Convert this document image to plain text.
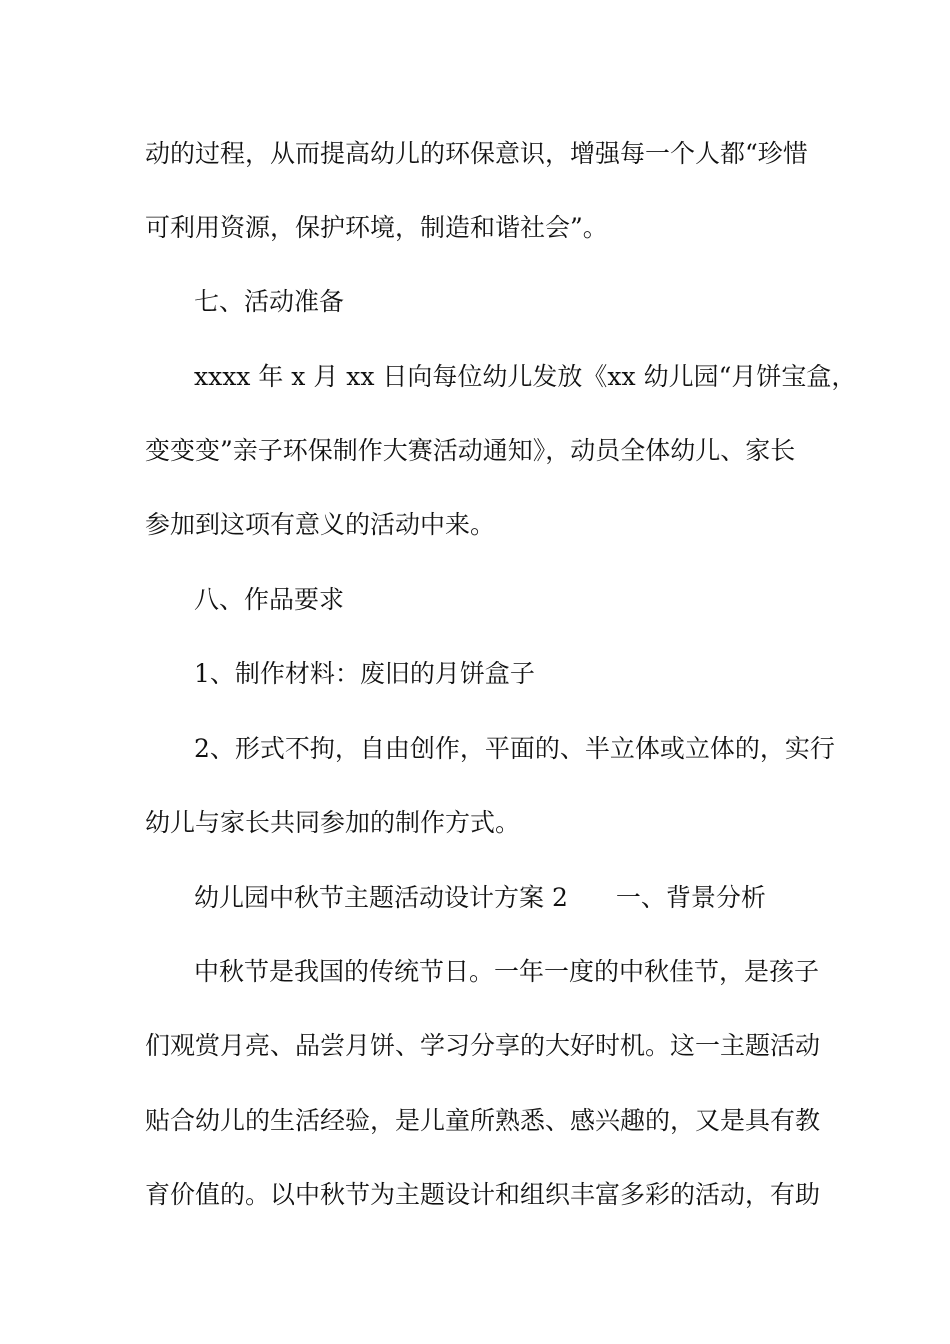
动的过程，从而提高幼儿的环保意识，增强每一个人都“珍惜
可利用资源，保护环境，制造和谐社会”。
七、活动准备
xxxx 年 x 月 xx 日向每位幼儿发放《xx 幼儿园“月饼宝盒，
变变变”亲子环保制作大赛活动通知》，动员全体幼儿、家长
参加到这项有意义的活动中来。
八、作品要求
1、制作材料：废旧的月饼盒子
2、形式不拘，自由创作，平面的、半立体或立体的，实行
幼儿与家长共同参加的制作方式。
幼儿园中秋节主题活动设计方案 2 一、背景分析
中秋节是我国的传统节日。一年一度的中秋佳节，是孩子
们观赏月亮、品尝月饼、学习分享的大好时机。这一主题活动
贴合幼儿的生活经验，是儿童所熟悉、感兴趣的，又是具有教
育价值的。以中秋节为主题设计和组织丰富多彩的活动，有助
